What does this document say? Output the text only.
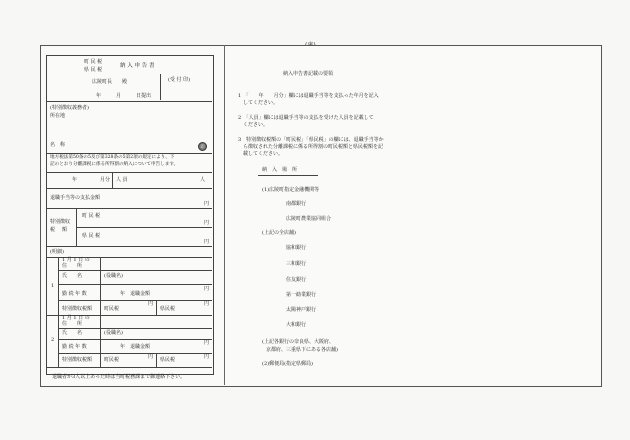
町 民 税
県 民 税
納 入 申 告 書
広陵町長　　殿	(受 付 印)
年　　　月　　　日提出
(特別徴収義務者)
所在地
名　称	印
地方税法第50条の5及び第328条の5第2項の規定により、下
記のとおり分離課税に係る所得割の納入について申告します。
年	月分 人 員	人
退職手当等の支払金額
円
特別徴収
税 額
町 民 税
円
県 民 税
円
(明細)
1
1 月 1 日 の
住　　所
氏　　名	(役職名)
勤 続 年 数	年 退職金額
円
特別徴収税額 町民税
円
県民税
円
2
1 月 1 日 の
住　　所
氏　　名	(役職名)
勤 続 年 数	年 退職金額
円
特別徴収税額 町民税	円 県民税	円
退職者が3人以上あった時は当町税務課まで御連絡下さい。
納入申告書記載の要領
1　「　　年　　月分」欄には退職手当等を支払った年月を記入
　してください。
2　「人員」欄には退職手当等の支払を受けた人員を記載して
　ください。
3　特別徴収税額の「町民税」「県民税」の欄には、退職手当等か
　ら徴収された分離課税に係る所得割の町民税額と県民税額を記
　載してください。
納　入　場　所
(1)広陵町指定金融機関等
南都銀行
広陵町農業協同組合
(上記の全店舗)
協和銀行
三和銀行
住友銀行
第一勧業銀行
太陽神戸銀行
大和銀行
(上記各銀行の奈良県、大阪府、
京都府、三重県下にある各店舗)
(2)郵便局(指定県郵局)
